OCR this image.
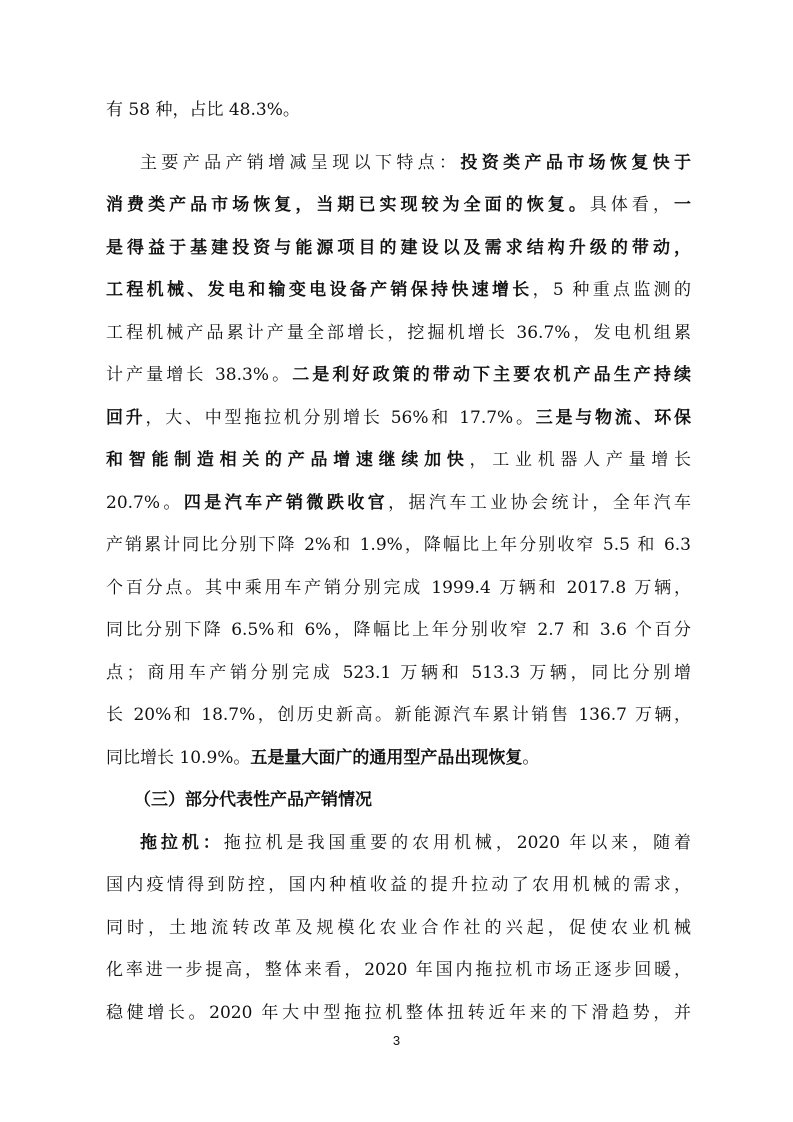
有 58 种，占比 48.3%。
主要产品产销增减呈现以下特点：投资类产品市场恢复快于
消费类产品市场恢复，当期已实现较为全面的恢复。具体看，一
是得益于基建投资与能源项目的建设以及需求结构升级的带动，
工程机械、发电和输变电设备产销保持快速增长，5 种重点监测的
工程机械产品累计产量全部增长，挖掘机增长 36.7%，发电机组累
计产量增长 38.3%。二是利好政策的带动下主要农机产品生产持续
回升，大、中型拖拉机分别增长 56%和 17.7%。三是与物流、环保
和智能制造相关的产品增速继续加快，工业机器人产量增长
20.7%。四是汽车产销微跌收官，据汽车工业协会统计，全年汽车
产销累计同比分别下降 2%和 1.9%，降幅比上年分别收窄 5.5 和 6.3
个百分点。其中乘用车产销分别完成 1999.4 万辆和 2017.8 万辆，
同比分别下降 6.5%和 6%，降幅比上年分别收窄 2.7 和 3.6 个百分
点；商用车产销分别完成 523.1 万辆和 513.3 万辆，同比分别增
长 20%和 18.7%，创历史新高。新能源汽车累计销售 136.7 万辆，
同比增长 10.9%。五是量大面广的通用型产品出现恢复。
（三）部分代表性产品产销情况
拖拉机：拖拉机是我国重要的农用机械，2020 年以来，随着
国内疫情得到防控，国内种植收益的提升拉动了农用机械的需求，
同时，土地流转改革及规模化农业合作社的兴起，促使农业机械
化率进一步提高，整体来看，2020 年国内拖拉机市场正逐步回暖，
稳健增长。2020 年大中型拖拉机整体扭转近年来的下滑趋势，并
3
